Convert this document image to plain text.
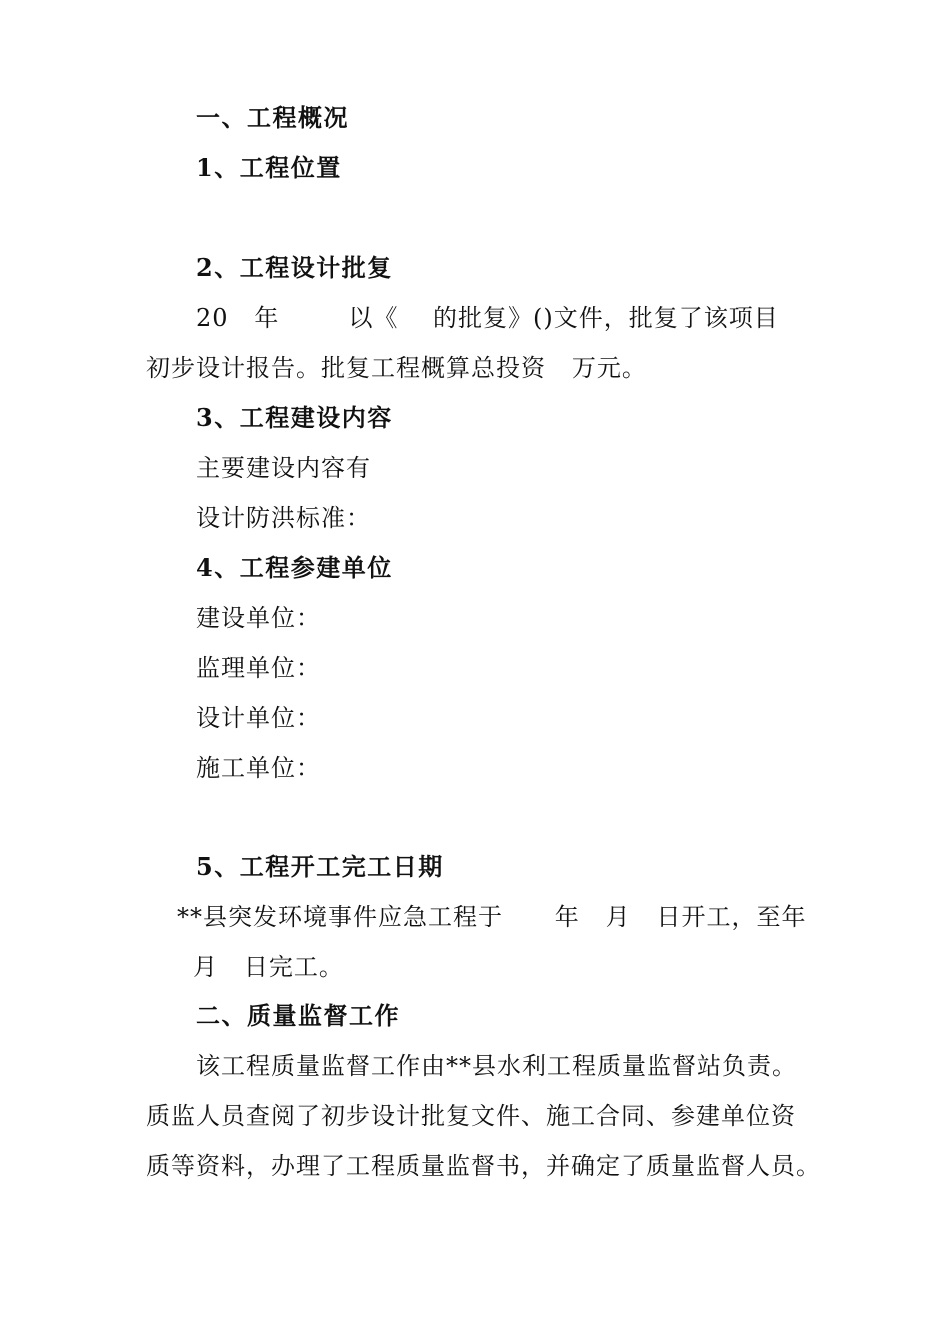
一、工程概况
1、工程位置
2、工程设计批复
20   年        以《    的批复》()文件，批复了该项目
初步设计报告。批复工程概算总投资   万元。
3、工程建设内容
主要建设内容有
设计防洪标准：
4、工程参建单位
建设单位：
监理单位：
设计单位：
施工单位：
5、工程开工完工日期
**县突发环境事件应急工程于      年   月   日开工，至年
月   日完工。
二、质量监督工作
该工程质量监督工作由**县水利工程质量监督站负责。
质监人员查阅了初步设计批复文件、施工合同、参建单位资
质等资料，办理了工程质量监督书，并确定了质量监督人员。
